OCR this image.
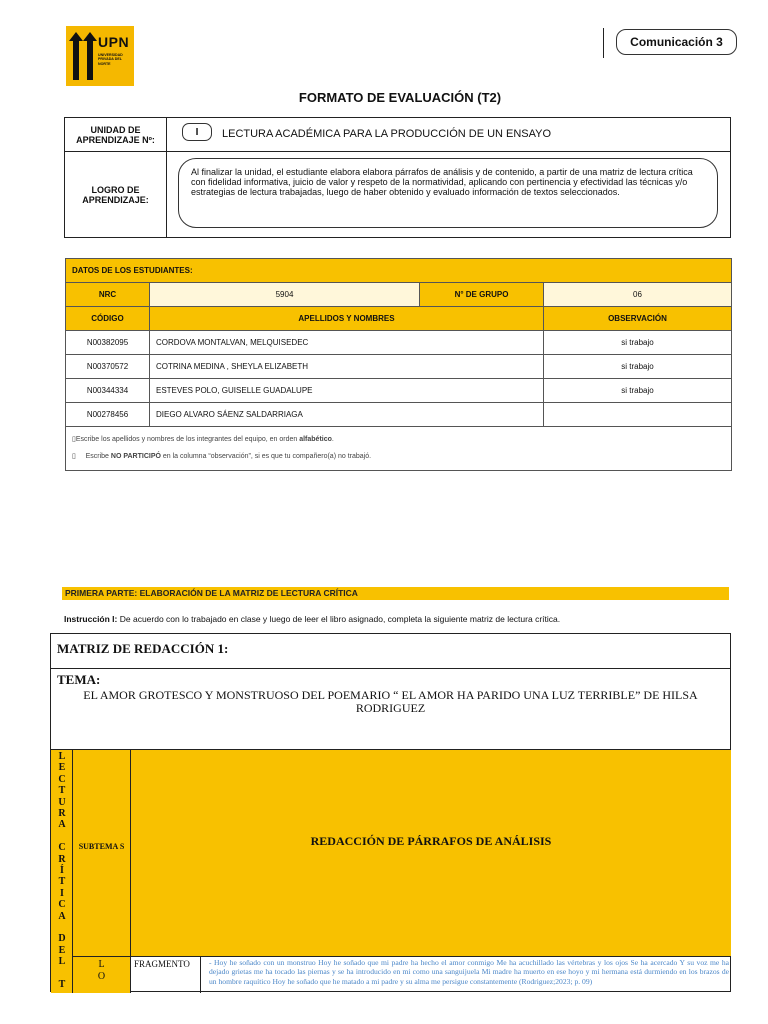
UPN
UNIVERSIDAD PRIVADA DEL NORTE
Comunicación 3
FORMATO DE EVALUACIÓN (T2)
UNIDAD DE APRENDIZAJE Nº:
I	LECTURA ACADÉMICA PARA LA PRODUCCIÓN DE UN ENSAYO
LOGRO DE APRENDIZAJE:
Al finalizar la unidad, el estudiante elabora elabora párrafos de análisis y de contenido, a partir de una matriz de lectura crítica con fidelidad informativa, juicio de valor y respeto de la normatividad, aplicando con pertinencia y efectividad las técnicas y/o estrategias de lectura trabajadas, luego de haber obtenido y evaluado información de textos seleccionados.
DATOS DE LOS ESTUDIANTES:			
NRC	5904	N° DE GRUPO	06
CÓDIGO	APELLIDOS Y NOMBRES		OBSERVACIÓN
N00382095	CORDOVA MONTALVAN, MELQUISEDEC		si trabajo
N00370572	COTRINA MEDINA , SHEYLA ELIZABETH		si trabajo
N00344334	ESTEVES POLO, GUISELLE GUADALUPE		si trabajo
N00278456	DIEGO ALVARO SÁENZ SALDARRIAGA		

▯Escribe los apellidos y nombres de los integrantes del equipo, en orden alfabético.
▯ Escribe NO PARTICIPÓ en la columna “observación”, si es que tu compañero(a) no trabajó.			
PRIMERA PARTE: ELABORACIÓN DE LA MATRIZ DE LECTURA CRÍTICA
Instrucción I: De acuerdo con lo trabajado en clase y luego de leer el libro asignado, completa la siguiente matriz de lectura crítica.
MATRIZ DE REDACCIÓN 1:
TEMA:
EL AMOR GROTESCO Y MONSTRUOSO DEL POEMARIO “ EL AMOR HA PARIDO UNA LUZ TERRIBLE” DE HILSA RODRIGUEZ
L
E
C
T
U
R
A
C
R
Í
T
I
C
A
D
E
L
T
SUBTEMA S	REDACCIÓN DE PÁRRAFOS DE ANÁLISIS
L
O
FRAGMENTO	- Hoy he soñado con un monstruo Hoy he soñado que mi padre ha hecho el amor conmigo Me ha acuchillado las vértebras y los ojos Se ha acercado Y su voz me ha dejado grietas me ha tocado las piernas y se ha introducido en mi como una sanguijuela Mi madre ha muerto en ese hoyo y mi hermana está durmiendo en los brazos de un hombre raquítico Hoy he soñado que he matado a mi padre y su alma me persigue constantemente (Rodriguez;2023; p. 09)
